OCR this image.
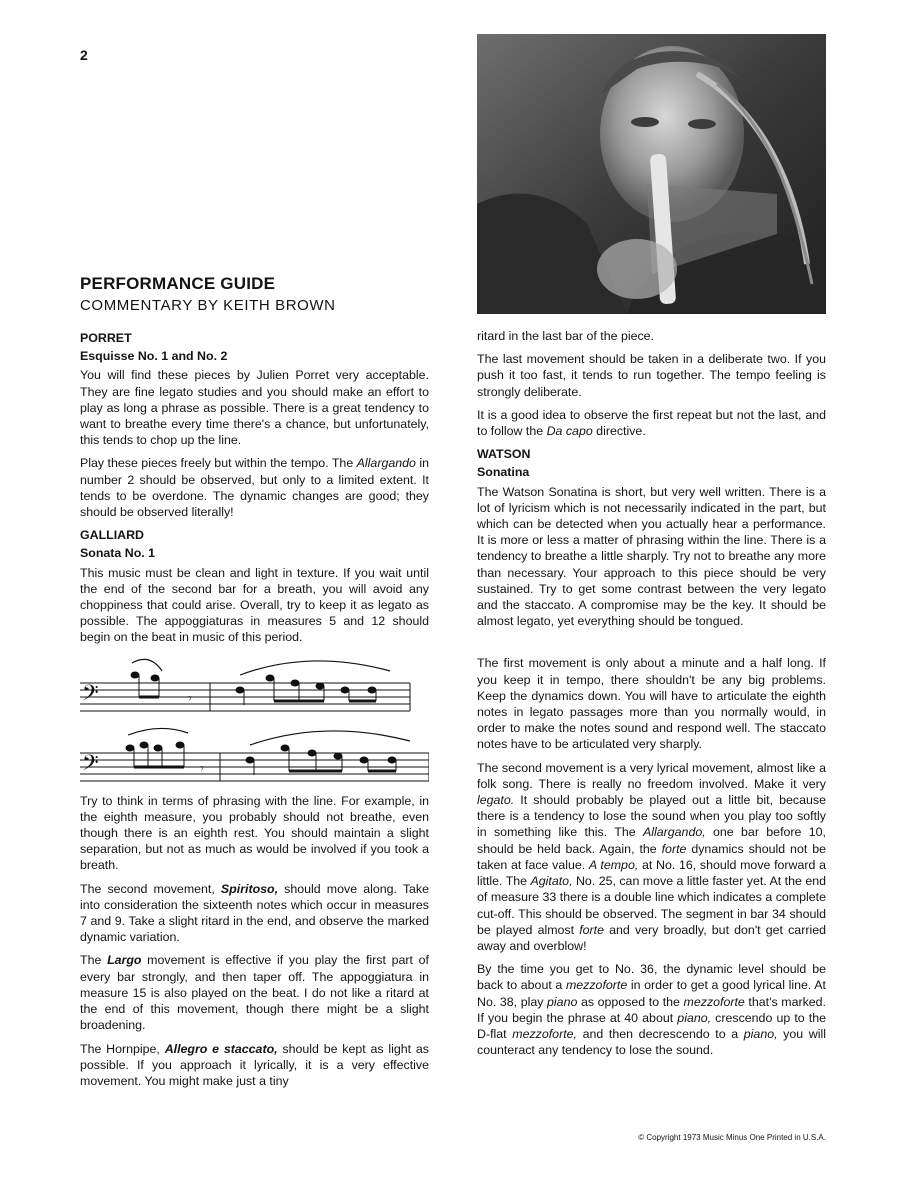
2
PERFORMANCE GUIDE
COMMENTARY BY KEITH BROWN
PORRET
Esquisse No. 1 and No. 2

You will find these pieces by Julien Porret very acceptable. They are fine legato studies and you should make an effort to play as long a phrase as possible. There is a great tendency to want to breathe every time there's a chance, but unfortunately, this tends to chop up the line.

Play these pieces freely but within the tempo. The Allargando in number 2 should be observed, but only to a limited extent. It tends to be overdone. The dynamic changes are good; they should be observed literally!

GALLIARD
Sonata No. 1

This music must be clean and light in texture. If you wait until the end of the second bar for a breath, you will avoid any choppiness that could arise. Overall, try to keep it as legato as possible. The appoggiaturas in measures 5 and 12 should begin on the beat in music of this period.

𝄢	𝄾
𝄢	𝄾

Try to think in terms of phrasing with the line. For example, in the eighth measure, you probably should not breathe, even though there is an eighth rest. You should maintain a slight separation, but not as much as would be involved if you took a breath.

The second movement, Spiritoso, should move along. Take into consideration the sixteenth notes which occur in measures 7 and 9. Take a slight ritard in the end, and observe the marked dynamic variation.

The Largo movement is effective if you play the first part of every bar strongly, and then taper off. The appoggiatura in measure 15 is also played on the beat. I do not like a ritard at the end of this movement, though there might be a slight broadening.

The Hornpipe, Allegro e staccato, should be kept as light as possible. If you approach it lyrically, it is a very effective movement. You might make just a tiny

ritard in the last bar of the piece.

The last movement should be taken in a deliberate two. If you push it too fast, it tends to run together. The tempo feeling is strongly deliberate.

It is a good idea to observe the first repeat but not the last, and to follow the Da capo directive.

WATSON
Sonatina

The Watson Sonatina is short, but very well written. There is a lot of lyricism which is not necessarily indicated in the part, but which can be detected when you actually hear a performance. It is more or less a matter of phrasing within the line. There is a tendency to breathe a little sharply. Try not to breathe any more than necessary. Your approach to this piece should be very sustained. Try to get some contrast between the very legato and the staccato. A compromise may be the key. It should be almost legato, yet everything should be tongued.

The first movement is only about a minute and a half long. If you keep it in tempo, there shouldn't be any big problems. Keep the dynamics down. You will have to articulate the eighth notes in legato passages more than you normally would, in order to make the notes sound and respond well. The staccato notes have to be articulated very sharply.

The second movement is a very lyrical movement, almost like a folk song. There is really no freedom involved. Make it very legato. It should probably be played out a little bit, because there is a tendency to lose the sound when you play too softly in something like this. The Allargando, one bar before 10, should be held back. Again, the forte dynamics should not be taken at face value. A tempo, at No. 16, should move forward a little. The Agitato, No. 25, can move a little faster yet. At the end of measure 33 there is a double line which indicates a complete cut-off. This should be observed. The segment in bar 34 should be played almost forte and very broadly, but don't get carried away and overblow!

By the time you get to No. 36, the dynamic level should be back to about a mezzoforte in order to get a good lyrical line. At No. 38, play piano as opposed to the mezzoforte that's marked. If you begin the phrase at 40 about piano, crescendo up to the D-flat mezzoforte, and then decrescendo to a piano, you will counteract any tendency to lose the sound.

© Copyright 1973 Music Minus One Printed in U.S.A.
